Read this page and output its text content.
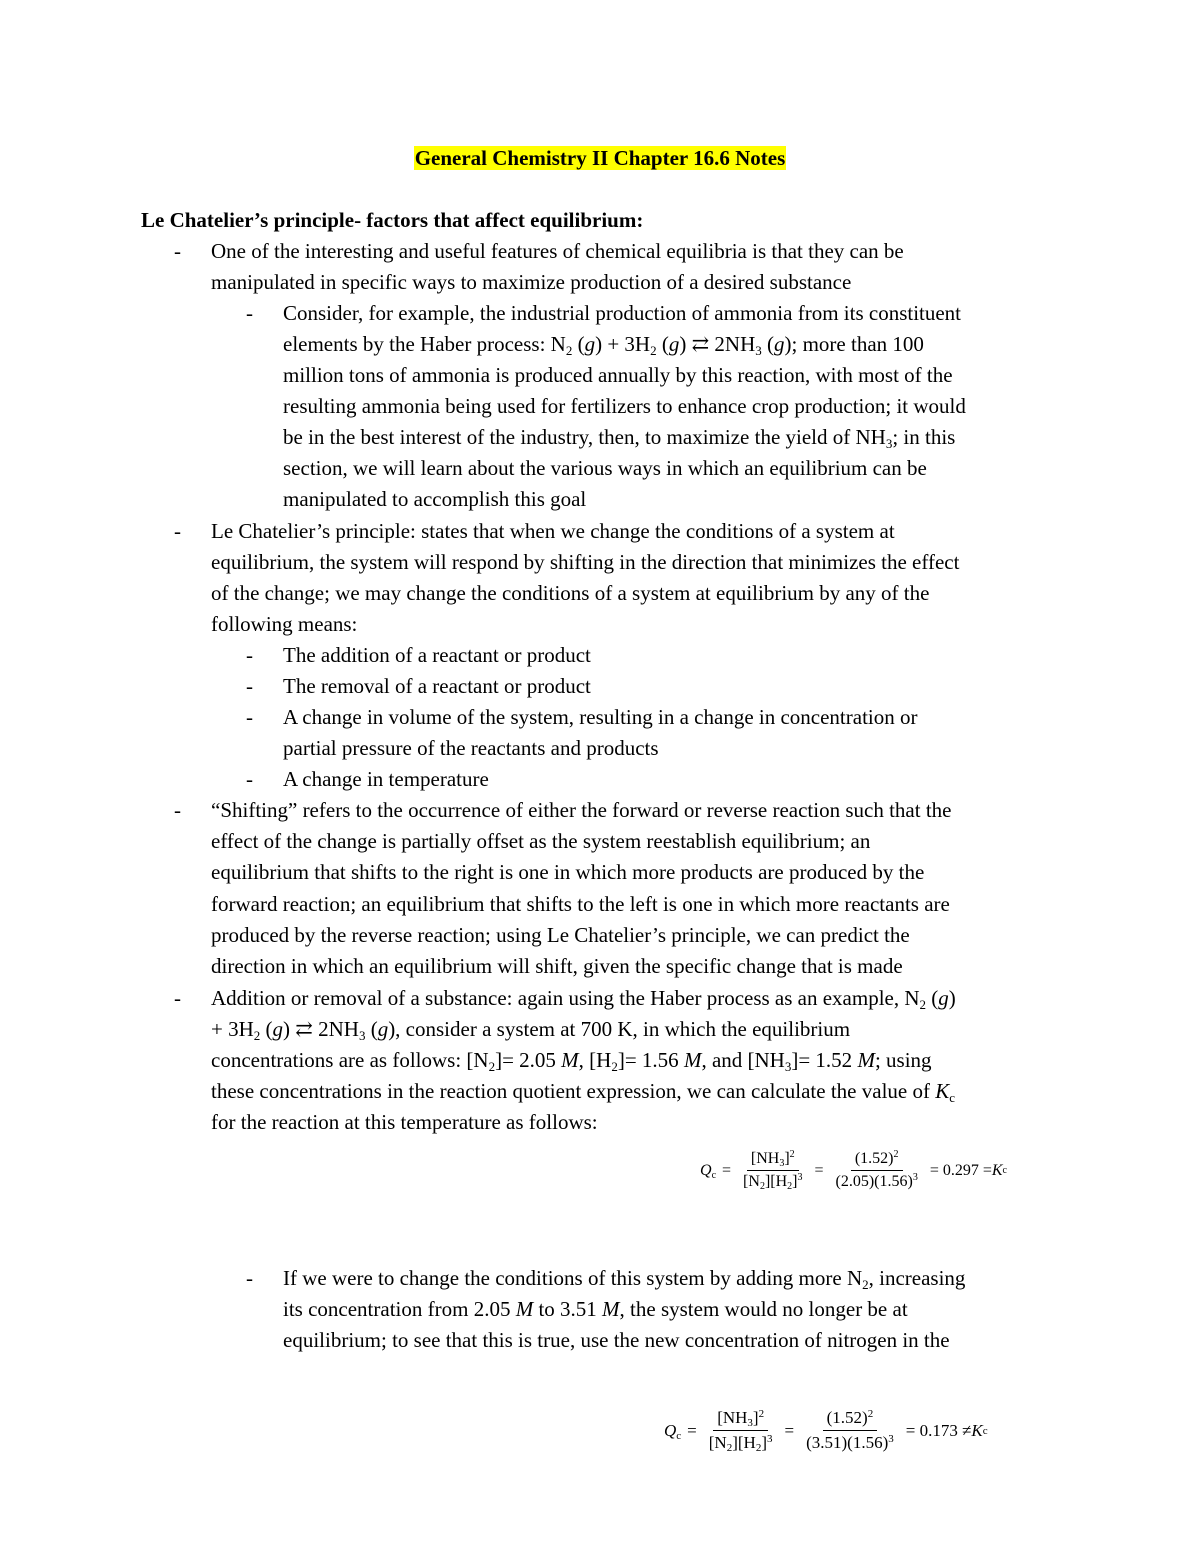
General Chemistry II Chapter 16.6 Notes
Le Chatelier’s principle- factors that affect equilibrium:
-
-
-
-
-
-
-
-
-
-
One of the interesting and useful features of chemical equilibria is that they can be
manipulated in specific ways to maximize production of a desired substance
Consider, for example, the industrial production of ammonia from its constituent
elements by the Haber process: $N_2$ $(g) + 3H_2$ (g) ⇄ $2NH_3$ (g); more than 100
million tons of ammonia is produced annually by this reaction, with most of the
resulting ammonia being used for fertilizers to enhance crop production; it would
be in the best interest of the industry, then, to maximize the yield of $NH_3$; in this
section, we will learn about the various ways in which an equilibrium can be
manipulated to accomplish this goal
Le Chatelier’s principle: states that when we change the conditions of a system at
equilibrium, the system will respond by shifting in the direction that minimizes the effect
of the change; we may change the conditions of a system at equilibrium by any of the
following means:
The addition of a reactant or product
The removal of a reactant or product
A change in volume of the system, resulting in a change in concentration or
partial pressure of the reactants and products
A change in temperature
“Shifting” refers to the occurrence of either the forward or reverse reaction such that the
effect of the change is partially offset as the system reestablish equilibrium; an
equilibrium that shifts to the right is one in which more products are produced by the
forward reaction; an equilibrium that shifts to the left is one in which more reactants are
produced by the reverse reaction; using Le Chatelier’s principle, we can predict the
direction in which an equilibrium will shift, given the specific change that is made
Addition or removal of a substance: again using the Haber process as an example, $N_2$ (g)
+ $3H_2$ (g) ⇄ $2NH_3$ (g), consider a system at 700 K, in which the equilibrium
concentrations are as follows: $[N_2]= 2.05$ M, $[H_2]= 1.56$ M, and $[NH_3]= 1.52$ M; using
these concentrations in the reaction quotient expression, we can calculate the value of $K_c$
for the reaction at this temperature as follows:
$Q_c = \frac{[NH_3]^2}{[N_2][H_2]^3} = \frac{(1.52)^2}{(2.05)(1.56)^3} = 0.297 = K$ c
If we were to change the conditions of this system by adding more $N_2$, increasing
its concentration from 2.05 M to 3.51 M, the system would no longer be at
equilibrium; to see that this is true, use the new concentration of nitrogen in the
$Q_c = \frac{[NH_3]^2}{[N_2][H_2]^3} = \frac{(1.52)^2}{(3.51)(1.56)^3} = 0.173 \ne K$ c
